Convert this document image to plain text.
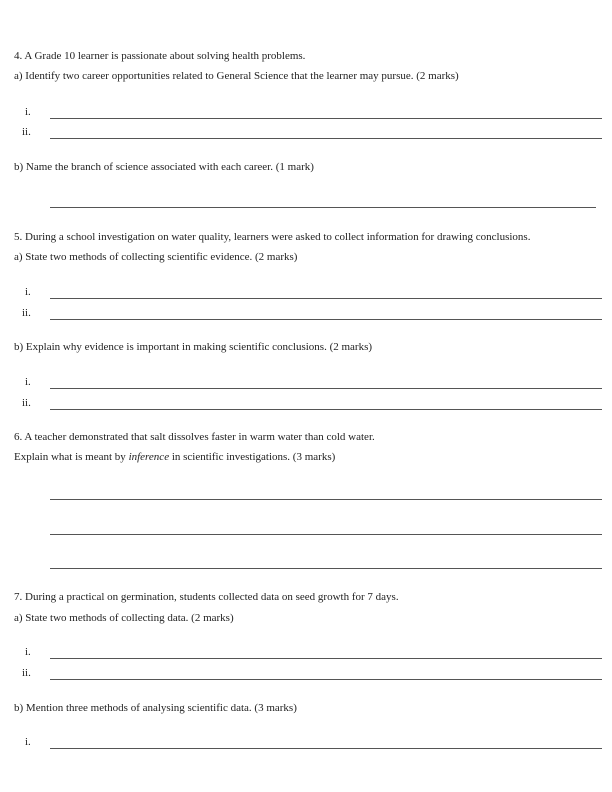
4. A Grade 10 learner is passionate about solving health problems.
a) Identify two career opportunities related to General Science that the learner may pursue. (2 marks)
i.
ii.
b) Name the branch of science associated with each career. (1 mark)
5. During a school investigation on water quality, learners were asked to collect information for drawing conclusions.
a) State two methods of collecting scientific evidence. (2 marks)
i.
ii.
b) Explain why evidence is important in making scientific conclusions. (2 marks)
i.
ii.
6. A teacher demonstrated that salt dissolves faster in warm water than cold water.
Explain what is meant by inference in scientific investigations. (3 marks)
7. During a practical on germination, students collected data on seed growth for 7 days.
a) State two methods of collecting data. (2 marks)
i.
ii.
b) Mention three methods of analysing scientific data. (3 marks)
i.
